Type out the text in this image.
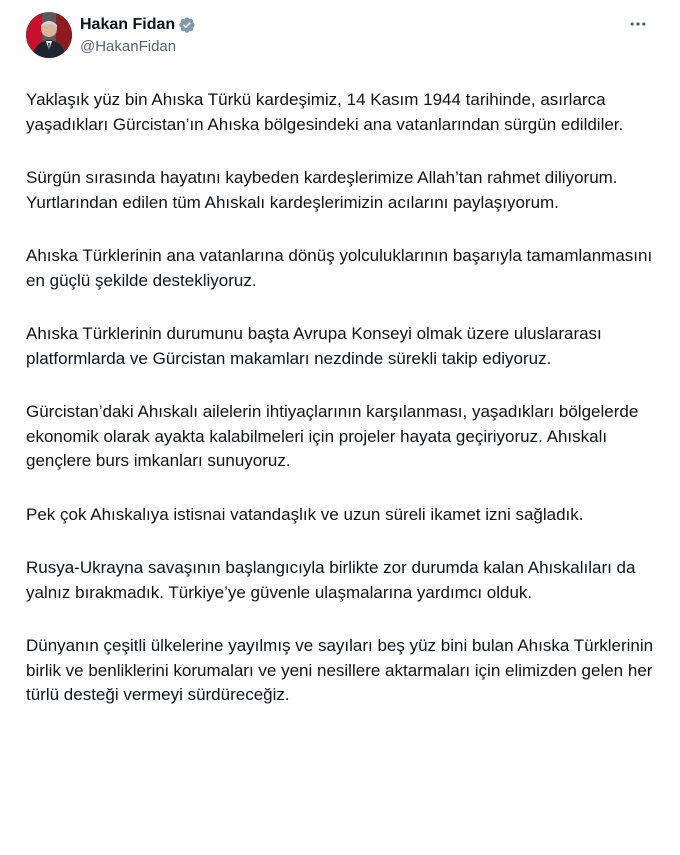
Hakan Fidan
@HakanFidan

Yaklaşık yüz bin Ahıska Türkü kardeşimiz, 14 Kasım 1944 tarihinde, asırlarca yaşadıkları Gürcistan’ın Ahıska bölgesindeki ana vatanlarından sürgün edildiler.

Sürgün sırasında hayatını kaybeden kardeşlerimize Allah’tan rahmet diliyorum. Yurtlarından edilen tüm Ahıskalı kardeşlerimizin acılarını paylaşıyorum.

Ahıska Türklerinin ana vatanlarına dönüş yolculuklarının başarıyla tamamlanmasını en güçlü şekilde destekliyoruz.

Ahıska Türklerinin durumunu başta Avrupa Konseyi olmak üzere uluslararası platformlarda ve Gürcistan makamları nezdinde sürekli takip ediyoruz.

Gürcistan’daki Ahıskalı ailelerin ihtiyaçlarının karşılanması, yaşadıkları bölgelerde ekonomik olarak ayakta kalabilmeleri için projeler hayata geçiriyoruz. Ahıskalı gençlere burs imkanları sunuyoruz.

Pek çok Ahıskalıya istisnai vatandaşlık ve uzun süreli ikamet izni sağladık.

Rusya-Ukrayna savaşının başlangıcıyla birlikte zor durumda kalan Ahıskalıları da yalnız bırakmadık. Türkiye’ye güvenle ulaşmalarına yardımcı olduk.

Dünyanın çeşitli ülkelerine yayılmış ve sayıları beş yüz bini bulan Ahıska Türklerinin birlik ve benliklerini korumaları ve yeni nesillere aktarmaları için elimizden gelen her türlü desteği vermeyi sürdüreceğiz.
